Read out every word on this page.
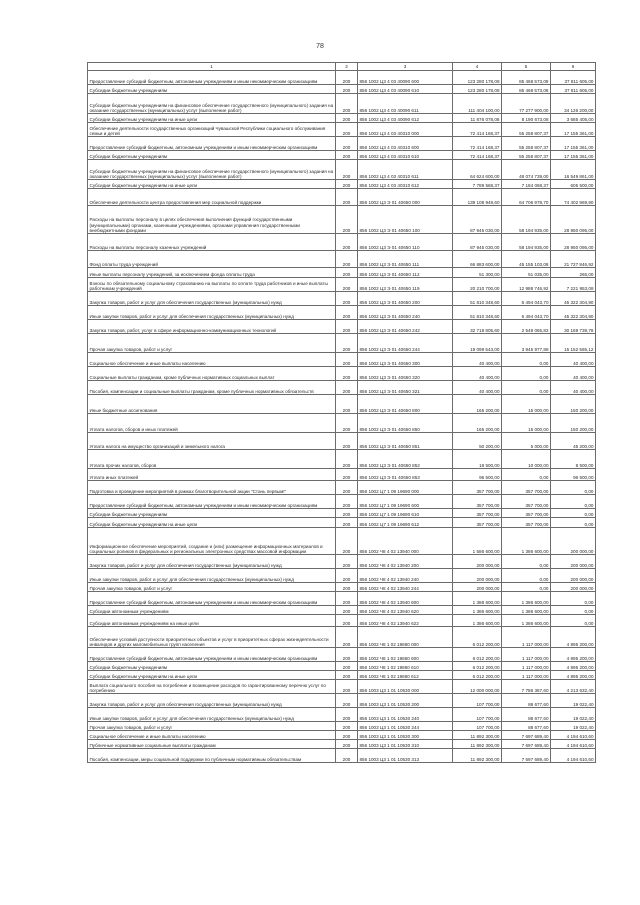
78
1	2	3	4	5	6
Предоставление субсидий бюджетным, автономным учреждениям и иным некоммерческим организациям	200	856 1002 Ц3 4 03 40090 600	123 280 178,08	85 468 573,08	37 811 605,00
Субсидии бюджетным учреждениям	200	856 1002 Ц3 4 03 40090 610	123 280 178,08	85 468 573,08	37 811 605,00
Субсидии бюджетным учреждениям на финансовое обеспечение государственного (муниципального) задания на оказание государственных (муниципальных) услуг (выполнение работ)	200	856 1002 Ц3 4 03 40090 611	111 404 100,00	77 277 900,00	34 126 200,00
Субсидии бюджетным учреждениям на иные цели	200	856 1002 Ц3 4 03 40090 612	11 876 078,08	8 190 673,08	3 685 405,00
Обеспечение деятельности государственных организаций Чувашской Республики социального обслуживания семьи и детей	200	856 1002 Ц3 4 03 40310 000	72 414 168,37	55 258 807,37	17 155 361,00
Предоставление субсидий бюджетным, автономным учреждениям и иным некоммерческим организациям	200	856 1002 Ц3 4 03 40310 600	72 414 168,37	55 258 807,37	17 155 361,00
Субсидии бюджетным учреждениям	200	856 1002 Ц3 4 03 40310 610	72 414 168,37	55 258 807,37	17 155 361,00
Субсидии бюджетным учреждениям на финансовое обеспечение государственного (муниципального) задания на оказание государственных (муниципальных) услуг (выполнение работ)	200	856 1002 Ц3 4 03 40310 611	64 624 600,00	48 074 739,00	16 549 861,00
Субсидии бюджетным учреждениям на иные цели	200	856 1002 Ц3 4 03 40310 612	7 789 568,37	7 184 068,37	605 500,00
Обеспечение деятельности центра предоставления мер социальной поддержки	200	856 1002 Ц3 Э 01 40650 000	139 108 948,60	64 706 978,70	74 402 969,90
Расходы на выплаты персоналу в целях обеспечения выполнения функций государственными (муниципальными) органами, казенными учреждениями, органами управления государственными внебюджетными фондами	200	856 1002 Ц3 Э 01 40650 100	87 945 030,00	58 194 935,00	28 950 095,00
Расходы на выплаты персоналу казенных учреждений	200	856 1002 Ц3 Э 01 40650 110	87 945 030,00	58 194 935,00	28 950 095,00
Фонд оплаты труда учреждений	200	856 1002 Ц3 Э 01 40650 111	66 883 600,00	45 155 103,08	21 727 846,92
Иные выплаты персоналу учреждений, за исключением фонда оплаты труда	200	856 1002 Ц3 Э 01 40650 112	51 300,00	51 035,00	265,00
Взносы по обязательному социальному страхованию на выплаты по оплате труда работников и иные выплаты работникам учреждений	200	856 1002 Ц3 Э 01 40650 119	20 210 700,00	12 988 746,92	7 221 953,08
Закупка товаров, работ и услуг для обеспечения государственных (муниципальных) нужд	200	856 1002 Ц3 Э 01 40650 200	51 810 348,60	6 494 043,70	45 322 304,90
Иные закупки товаров, работ и услуг для обеспечения государственных (муниципальных) нужд	200	856 1002 Ц3 Э 01 40650 240	51 810 348,60	6 494 043,70	45 322 304,90
Закупка товаров, работ, услуг в сфере информационно-коммуникационных технологий	200	856 1002 Ц3 Э 01 40650 242	32 718 805,60	2 548 065,82	30 169 739,78
Прочая закупка товаров, работ и услуг	200	856 1002 Ц3 Э 01 40650 244	19 099 543,00	3 945 977,88	15 152 565,12
Социальное обеспечение и иные выплаты населению	200	856 1002 Ц3 Э 01 40650 300	40 400,00	0,00	40 400,00
Социальные выплаты гражданам, кроме публичных нормативных социальных выплат	200	856 1002 Ц3 Э 01 40650 320	40 400,00	0,00	40 400,00
Пособия, компенсации и социальные выплаты гражданам, кроме публичных нормативных обязательств	200	856 1002 Ц3 Э 01 40650 321	40 400,00	0,00	40 400,00
Иные бюджетные ассигнования	200	856 1002 Ц3 Э 01 40650 800	165 200,00	15 000,00	150 200,00
Уплата налогов, сборов и иных платежей	200	856 1002 Ц3 Э 01 40650 850	165 200,00	15 000,00	150 200,00
Уплата налога на имущество организаций и земельного налога	200	856 1002 Ц3 Э 01 40650 851	50 200,00	5 000,00	45 200,00
Уплата прочих налогов, сборов	200	856 1002 Ц3 Э 01 40650 852	18 500,00	10 000,00	8 500,00
Уплата иных платежей	200	856 1002 Ц3 Э 01 40650 853	96 500,00	0,00	96 500,00
Подготовка и проведение мероприятий в рамках благотворительной акции "Стань первым!"	200	856 1002 Ц7 1 09 19690 000	357 700,00	357 700,00	0,00
Предоставление субсидий бюджетным, автономным учреждениям и иным некоммерческим организациям	200	856 1002 Ц7 1 09 19690 600	357 700,00	357 700,00	0,00
Субсидии бюджетным учреждениям	200	856 1002 Ц7 1 09 19690 610	357 700,00	357 700,00	0,00
Субсидии бюджетным учреждениям на иные цели	200	856 1002 Ц7 1 09 19690 612	357 700,00	357 700,00	0,00
Информационное обеспечение мероприятий, создание и (или) размещение информационных материалов и социальных роликов в федеральных и региональных электронных средствах массовой информации	200	856 1002 Ч8 4 02 13940 000	1 586 600,00	1 386 600,00	200 000,00
Закупка товаров, работ и услуг для обеспечения государственных (муниципальных) нужд	200	856 1002 Ч8 4 02 13940 200	200 000,00	0,00	200 000,00
Иные закупки товаров, работ и услуг для обеспечения государственных (муниципальных) нужд	200	856 1002 Ч8 4 02 13940 240	200 000,00	0,00	200 000,00
Прочая закупка товаров, работ и услуг	200	856 1002 Ч8 4 02 13940 244	200 000,00	0,00	200 000,00
Предоставление субсидий бюджетным, автономным учреждениям и иным некоммерческим организациям	200	856 1002 Ч8 4 02 13940 600	1 386 600,00	1 386 600,00	0,00
Субсидии автономным учреждениям	200	856 1002 Ч8 4 02 13940 620	1 386 600,00	1 386 600,00	0,00
Субсидии автономным учреждениям на иные цели	200	856 1002 Ч8 4 02 13940 622	1 386 600,00	1 386 600,00	0,00
Обеспечение условий доступности приоритетных объектов и услуг в приоритетных сферах жизнедеятельности инвалидов и других маломобильных групп населения	200	856 1002 Ч8 1 02 19860 000	6 012 200,00	1 117 000,00	4 895 200,00
Предоставление субсидий бюджетным, автономным учреждениям и иным некоммерческим организациям	200	856 1002 Ч8 1 02 19860 600	6 012 200,00	1 117 000,00	4 895 200,00
Субсидии бюджетным учреждениям	200	856 1002 Ч8 1 02 19860 610	6 012 200,00	1 117 000,00	4 895 200,00
Субсидии бюджетным учреждениям на иные цели	200	856 1002 Ч8 1 02 19860 612	6 012 200,00	1 117 000,00	4 895 200,00
Выплата социального пособия на погребение и возмещение расходов по гарантированному перечню услуг по погребению	200	856 1003 Ц3 1 01 10530 000	12 000 000,00	7 786 367,60	4 213 632,40
Закупка товаров, работ и услуг для обеспечения государственных (муниципальных) нужд	200	856 1003 Ц3 1 01 10530 200	107 700,00	88 677,60	19 022,40
Иные закупки товаров, работ и услуг для обеспечения государственных (муниципальных) нужд	200	856 1003 Ц3 1 01 10530 240	107 700,00	88 677,60	19 022,40
Прочая закупка товаров, работ и услуг	200	856 1003 Ц3 1 01 10530 244	107 700,00	88 677,60	19 022,40
Социальное обеспечение и иные выплаты населению	200	856 1003 Ц3 1 01 10530 300	11 892 300,00	7 697 689,40	4 194 610,60
Публичные нормативные социальные выплаты гражданам	200	856 1003 Ц3 1 01 10530 310	11 892 300,00	7 697 689,40	4 194 610,60
Пособия, компенсации, меры социальной поддержки по публичным нормативным обязательствам	200	856 1003 Ц3 1 01 10530 313	11 892 300,00	7 697 689,40	4 194 610,60
